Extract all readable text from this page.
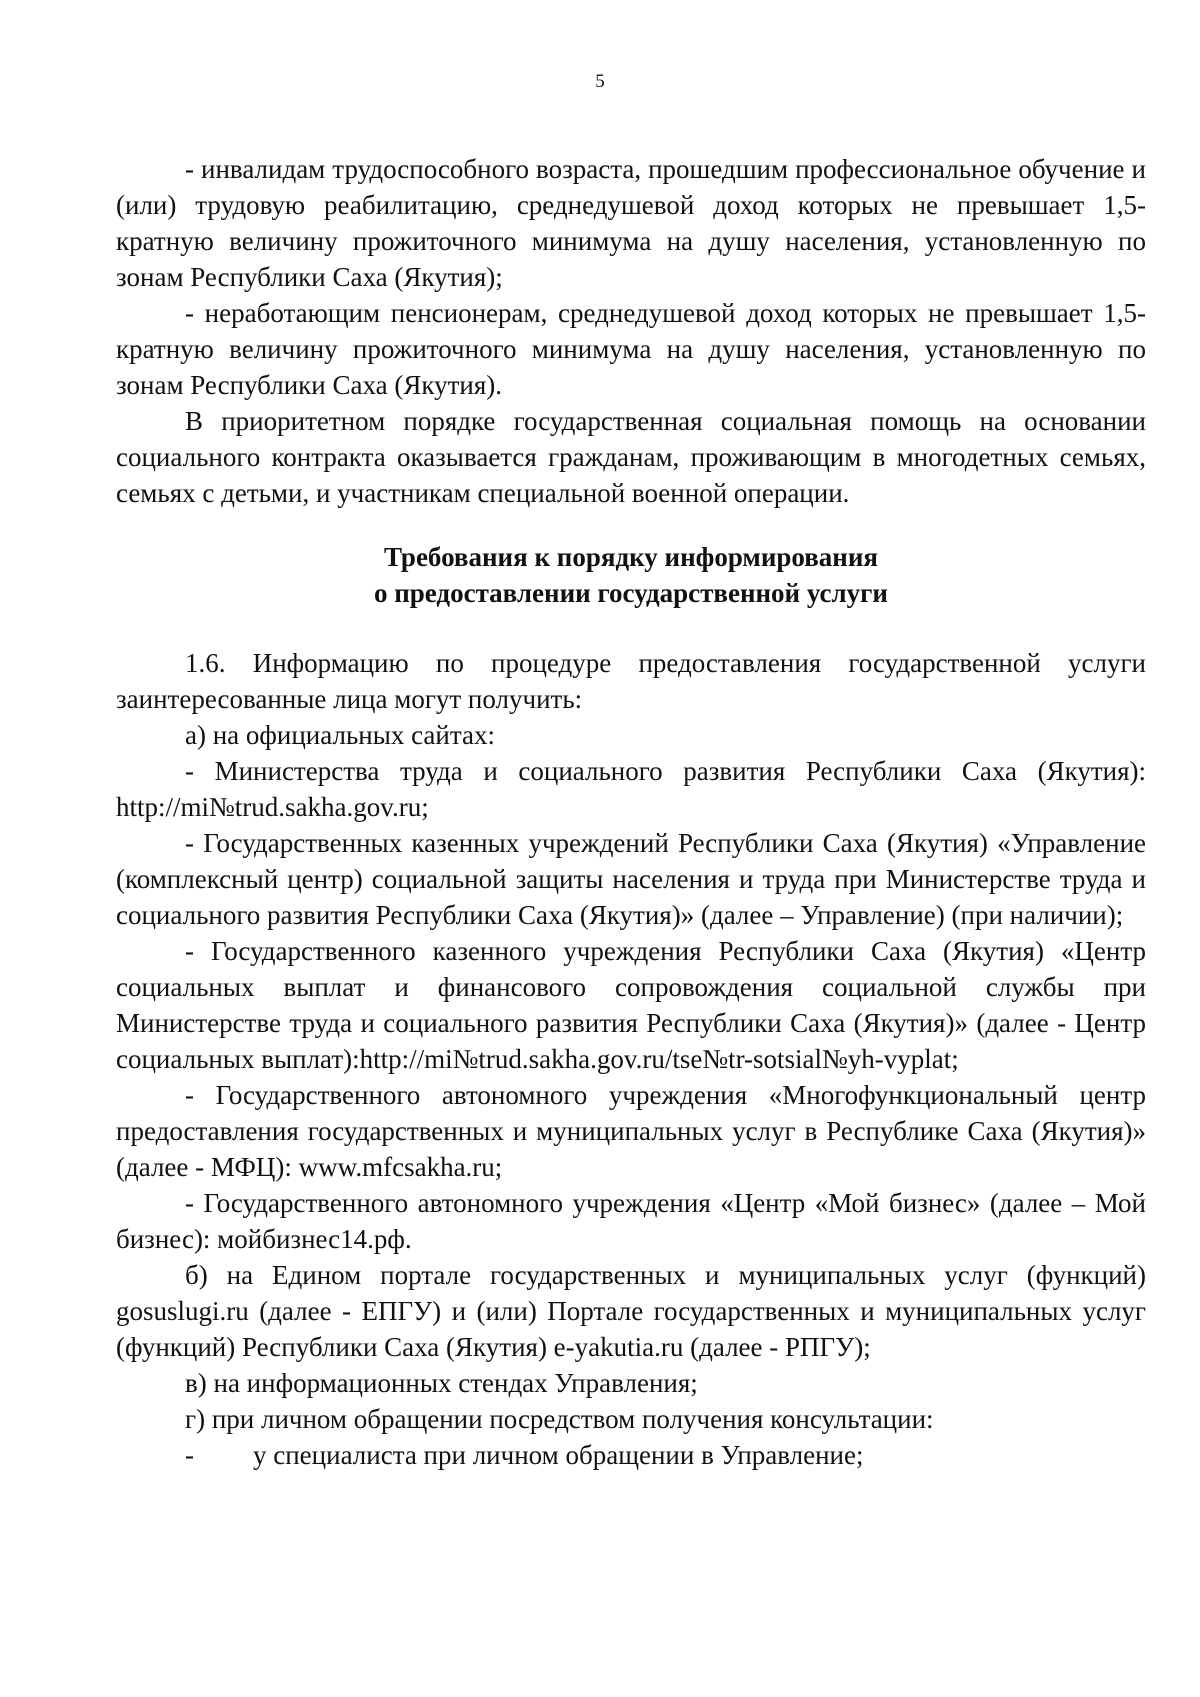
5

- инвалидам трудоспособного возраста, прошедшим профессиональное обучение и (или) трудовую реабилитацию, среднедушевой доход которых не превышает 1,5-кратную величину прожиточного минимума на душу населения, установленную по зонам Республики Саха (Якутия);

- неработающим пенсионерам, среднедушевой доход которых не превышает 1,5-кратную величину прожиточного минимума на душу населения, установленную по зонам Республики Саха (Якутия).

В приоритетном порядке государственная социальная помощь на основании социального контракта оказывается гражданам, проживающим в многодетных семьях, семьях с детьми, и участникам специальной военной операции.

Требования к порядку информирования

о предоставлении государственной услуги

1.6. Информацию по процедуре предоставления государственной услуги заинтересованные лица могут получить:

а) на официальных сайтах:

- Министерства труда и социального развития Республики Саха (Якутия): http://mi№trud.sakha.gov.ru;

- Государственных казенных учреждений Республики Саха (Якутия) «Управление (комплексный центр) социальной защиты населения и труда при Министерстве труда и социального развития Республики Саха (Якутия)» (далее – Управление) (при наличии);

- Государственного казенного учреждения Республики Саха (Якутия) «Центр социальных выплат и финансового сопровождения социальной службы при Министерстве труда и социального развития Республики Саха (Якутия)» (далее - Центр социальных выплат):http://mi№trud.sakha.gov.ru/tse№tr-sotsial№yh-vyplat;

- Государственного автономного учреждения «Многофункциональный центр предоставления государственных и муниципальных услуг в Республике Саха (Якутия)» (далее - МФЦ): www.mfcsakha.ru;

- Государственного автономного учреждения «Центр «Мой бизнес» (далее – Мой бизнес): мойбизнес14.рф.

б) на Едином портале государственных и муниципальных услуг (функций) gosuslugi.ru (далее - ЕПГУ) и (или) Портале государственных и муниципальных услуг (функций) Республики Саха (Якутия) e-yakutia.ru (далее - РПГУ);

в) на информационных стендах Управления;

г) при личном обращении посредством получения консультации:

- у специалиста при личном обращении в Управление;
